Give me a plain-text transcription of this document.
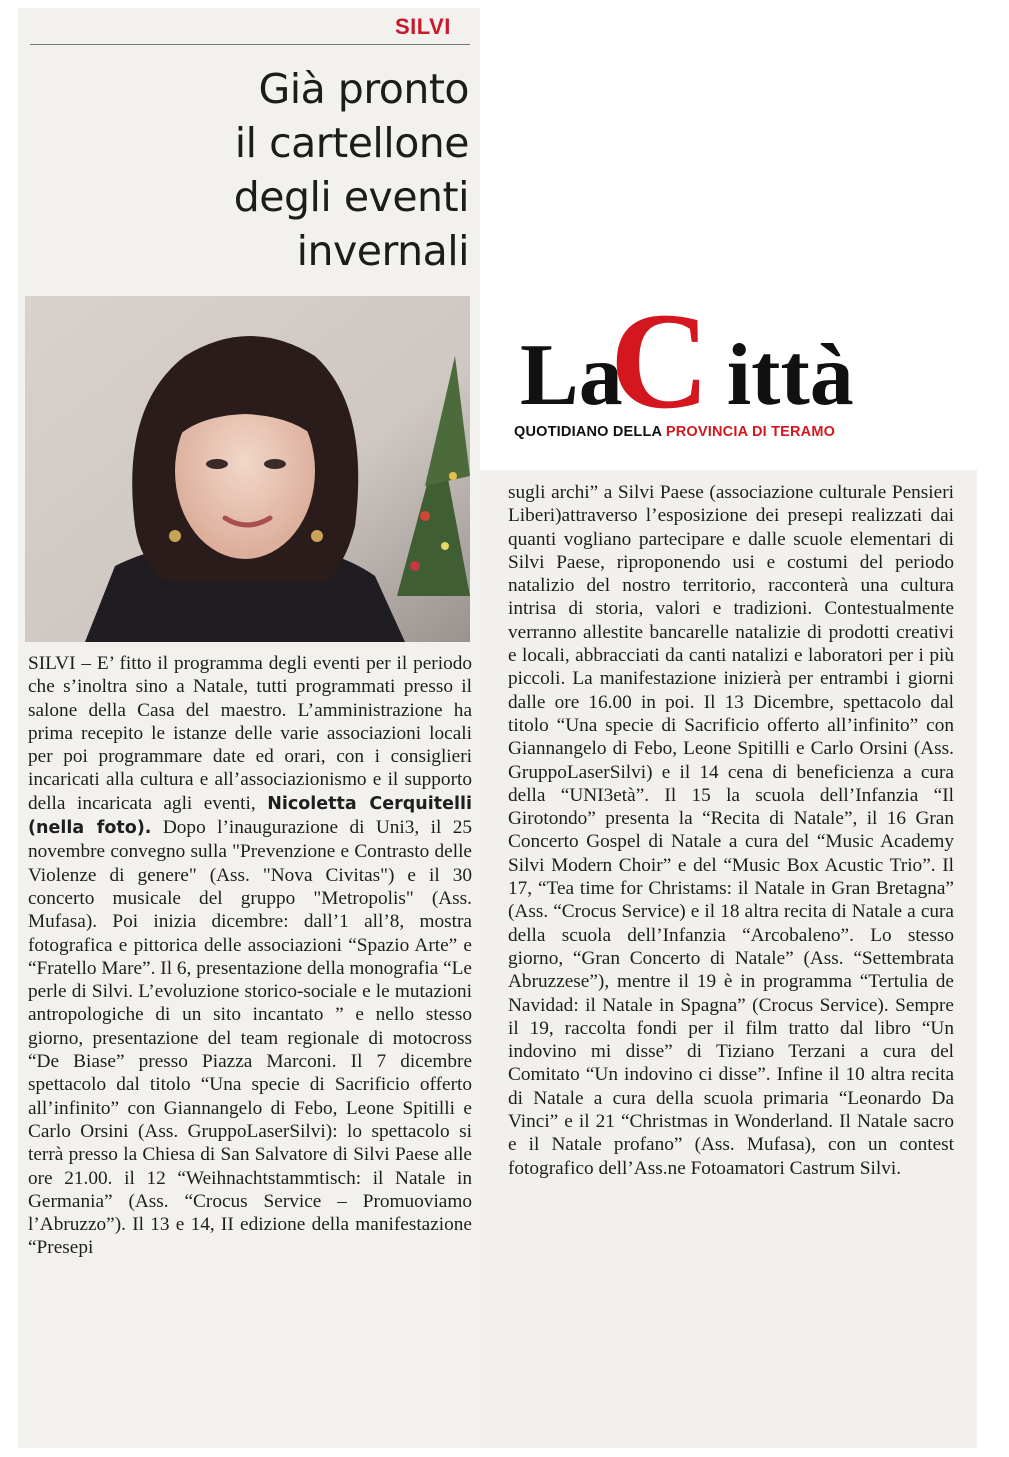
SILVI
Già pronto
il cartellone
degli eventi
invernali

SILVI – E’ fitto il programma degli eventi per il periodo che s’inoltra sino a Natale, tutti programmati presso il salone della Casa del maestro. L’amministrazione ha prima recepito le istanze delle varie associazioni locali per poi programmare date ed orari, con i consiglieri incaricati alla cultura e all’associazionismo e il supporto della incaricata agli eventi, Nicoletta Cerquitelli (nella foto). Dopo l’inaugurazione di Uni3, il 25 novembre convegno sulla "Prevenzione e Contrasto delle Violenze di genere" (Ass. "Nova Civitas") e il 30 concerto musicale del gruppo "Metropolis" (Ass. Mufasa). Poi inizia dicembre: dall’1 all’8, mostra fotografica e pittorica delle associazioni “Spazio Arte” e “Fratello Mare”. Il 6, presentazione della monografia “Le perle di Silvi. L’evoluzione storico-sociale e le mutazioni antropologiche di un sito incantato ” e nello stesso giorno, presentazione del team regionale di motocross “De Biase” presso Piazza Marconi. Il 7 dicembre spettacolo dal titolo “Una specie di Sacrificio offerto all’infinito” con Giannangelo di Febo, Leone Spitilli e Carlo Orsini (Ass. GruppoLaserSilvi): lo spettacolo si terrà presso la Chiesa di San Salvatore di Silvi Paese alle ore 21.00. il 12 “Weihnachtstammtisch: il Natale in Germania” (Ass. “Crocus Service – Promuoviamo l’Abruzzo”). Il 13 e 14, II edizione della manifestazione “Presepi

sugli archi” a Silvi Paese (associazione culturale Pensieri Liberi)attraverso l’esposizione dei presepi realizzati dai quanti vogliano partecipare e dalle scuole elementari di Silvi Paese, riproponendo usi e costumi del periodo natalizio del nostro territorio, racconterà una cultura intrisa di storia, valori e tradizioni. Contestualmente verranno allestite bancarelle natalizie di prodotti creativi e locali, abbracciati da canti natalizi e laboratori per i più piccoli. La manifestazione inizierà per entrambi i giorni dalle ore 16.00 in poi. Il 13 Dicembre, spettacolo dal titolo “Una specie di Sacrificio offerto all’infinito” con Giannangelo di Febo, Leone Spitilli e Carlo Orsini (Ass. GruppoLaserSilvi) e il 14 cena di beneficienza a cura della “UNI3età”. Il 15 la scuola dell’Infanzia “Il Girotondo” presenta la “Recita di Natale”, il 16 Gran Concerto Gospel di Natale a cura del “Music Academy Silvi Modern Choir” e del “Music Box Acustic Trio”. Il 17, “Tea time for Christams: il Natale in Gran Bretagna” (Ass. “Crocus Service) e il 18 altra recita di Natale a cura della scuola dell’Infanzia “Arcobaleno”. Lo stesso giorno, “Gran Concerto di Natale” (Ass. “Settembrata Abruzzese”), mentre il 19 è in programma “Tertulia de Navidad: il Natale in Spagna” (Crocus Service). Sempre il 19, raccolta fondi per il film tratto dal libro “Un indovino mi disse” di Tiziano Terzani a cura del Comitato “Un indovino ci disse”. Infine il 10 altra recita di Natale a cura della scuola primaria “Leonardo Da Vinci” e il 21 “Christmas in Wonderland. Il Natale sacro e il Natale profano” (Ass. Mufasa), con un contest fotografico dell’Ass.ne Fotoamatori Castrum Silvi.

C
La ittà
QUOTIDIANO DELLA PROVINCIA DI TERAMO
